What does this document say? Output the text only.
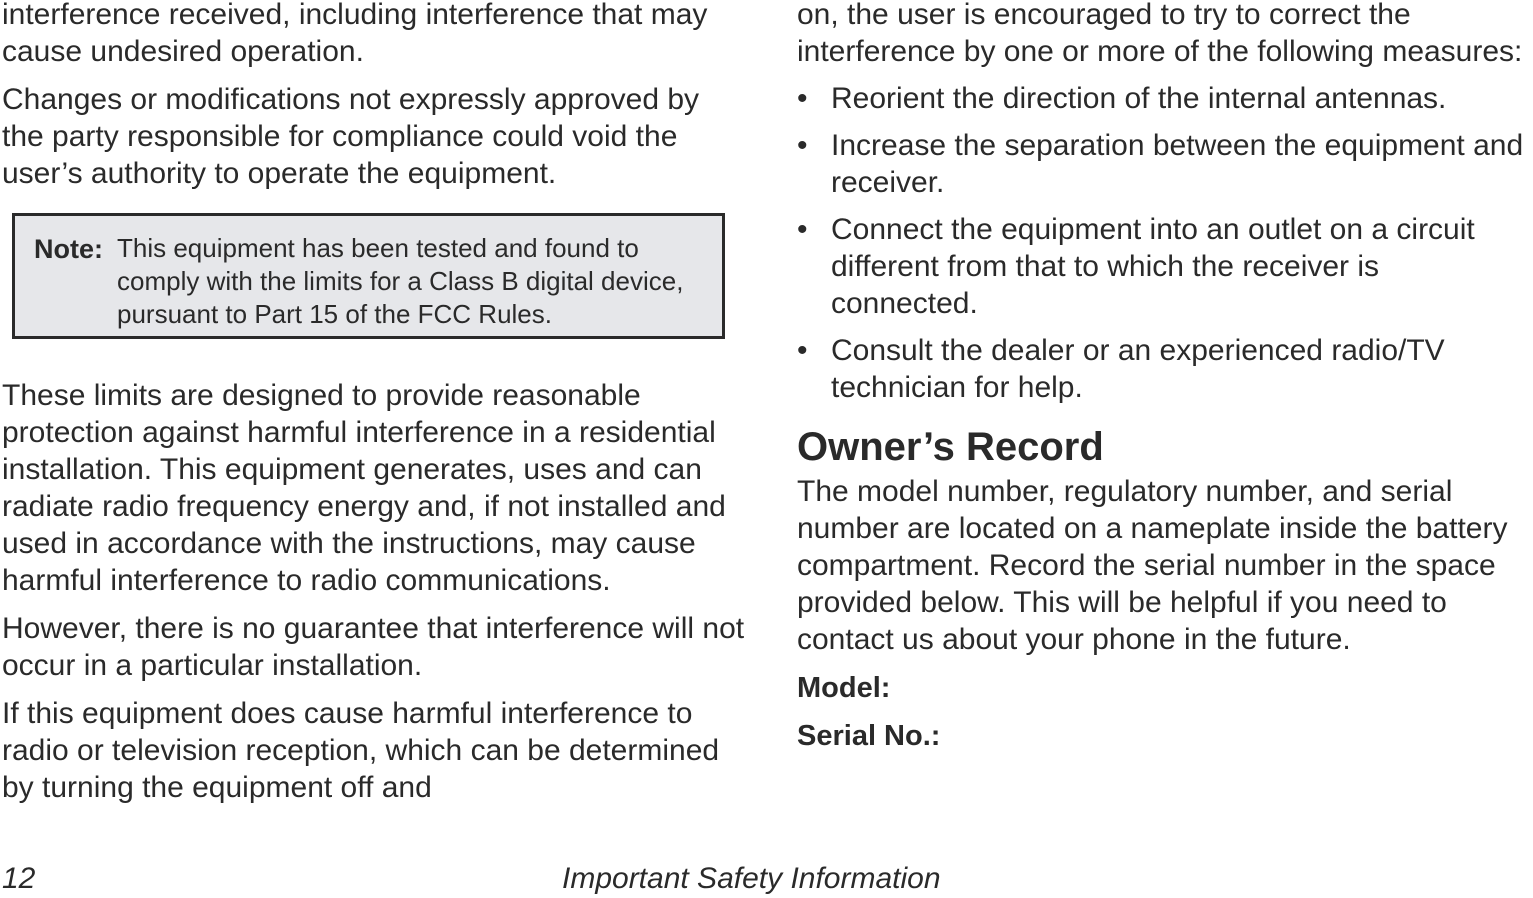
interference received, including interference that may cause undesired operation.

Changes or modifications not expressly approved by the party responsible for compliance could void the user’s authority to operate the equipment.

Note: This equipment has been tested and found to comply with the limits for a Class B digital device, pursuant to Part 15 of the FCC Rules.

These limits are designed to provide reasonable protection against harmful interference in a residential installation. This equipment generates, uses and can radiate radio frequency energy and, if not installed and used in accordance with the instructions, may cause harmful interference to radio communications.

However, there is no guarantee that interference will not occur in a particular installation.

If this equipment does cause harmful interference to radio or television reception, which can be determined by turning the equipment off and

on, the user is encouraged to try to correct the interference by one or more of the following measures:

• Reorient the direction of the internal antennas.
• Increase the separation between the equipment and receiver.
• Connect the equipment into an outlet on a circuit different from that to which the receiver is connected.
• Consult the dealer or an experienced radio/TV technician for help.
Owner’s Record

The model number, regulatory number, and serial number are located on a nameplate inside the battery compartment. Record the serial number in the space provided below. This will be helpful if you need to contact us about your phone in the future.

Model:
Serial No.:
12	Important Safety Information
